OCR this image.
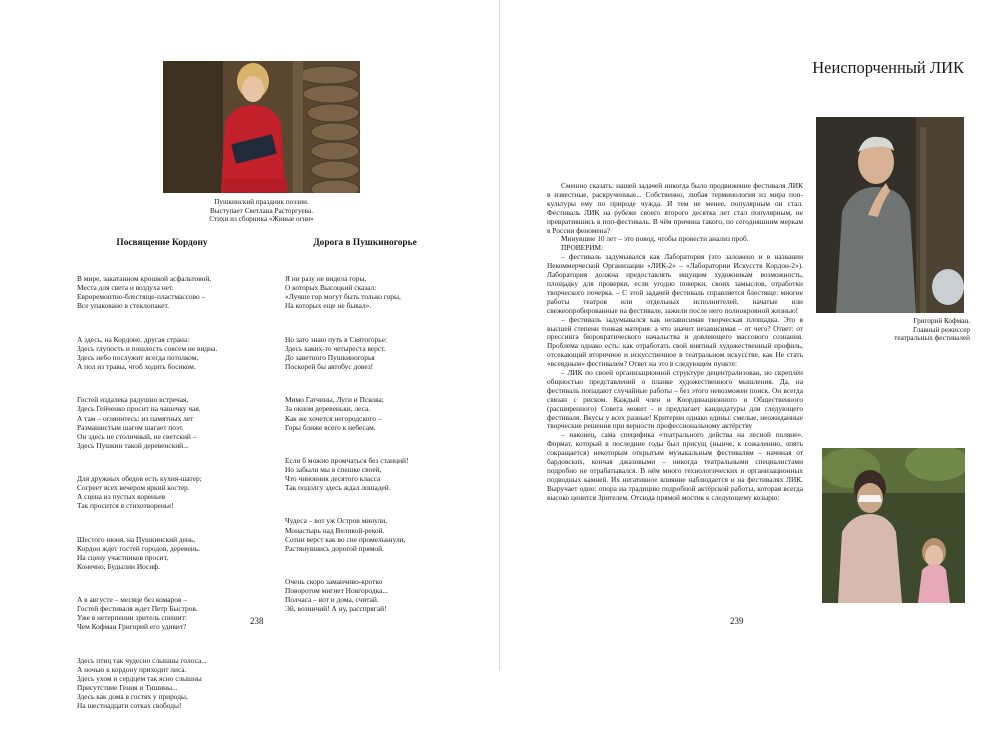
Пушкинский праздник поэзии.
Выступает Светлана Расторгуева.
Стихи из сборника «Живые огни»
Посвящение Кордону

В мире, закатанном крошкой асфальтовой,
Места для света и воздуха нет.
Евроремонтно-блестяще-пластмассово –
Все упаковано в стеклопакет.

А здесь, на Кордоне, другая страна:
Здесь глупость и пошлость совсем не видна.
Здесь небо послужит всегда потолком,
А пол из травы, чтоб ходить босиком.

Гостей издалека радушно встречая,
Здесь Гейченко просит на чашечку чая.
А там – оглянитесь: из памятных лет
Размашистым шагом шагает поэт.
Он здесь не столичный, не светский –
Здесь Пушкин такой деревенский...

Для дружных обедов есть кухня-шатер;
Согреет всех вечером яркий костер.
А сцена из пустых кореньев
Так просится в стихотворенье!

Шестого июня, на Пушкинский день,
Кордон ждет гостей городов, деревень.
На сцену участников просит,
Конечно, Будылин Иосиф.

А в августе – месяце без комаров –
Гостей фестиваля ждет Петр Быстров.
Уже в нетерпении зритель спешит:
Чем Кофман Григорий его удивит?

Здесь птиц так чудесно слышны голоса...
А ночью к кордону приходит лиса.
Здесь ухом и сердцем так ясно слышны
Присутствие Гения и Тишины...
Здесь как дома в гостях у природы,
На шестнадцати сотках свободы!

Дорога в Пушкиногорье

Я ни разу не видела горы,
О которых Высоцкий сказал:
«Лучше гор могут быть только горы,
На которых еще не бывал».

Но зато знаю путь в Святогорье:
Здесь каких-то четыреста верст.
До заветного Пушкиногорья
Поскорей бы автобус довез!

Мимо Гатчины, Луги и Пскова;
За окном деревеньки, леса.
Как же хочется негородского –
Горы ближе всего к небесам.

Если б можно промчаться без станций!
Но забыли мы в спешке своей,
Что чиновник десятого класса
Так подолгу здесь ждал лошадей.

Чудеса – вот уж Остров минули,
Монастырь над Великой-рекой.
Сотни верст как во сне промелькнули,
Растянувшись дорогой прямой.

Очень скоро заманчиво-кротко
Поворотом мигнет Новгородка...
Полчаса – вот и дома, считай.
Эй, возничий! А ну, расспрягай!

238
Неиспорченный ЛИК

Смешно сказать: нашей задачей никогда было продвижение фестиваля ЛИК в известные, раскрученные... Собственно, любая терминология из мира поп-культуры ему по природе чужда. И тем не менее, популярным он стал. Фестиваль ЛИК на рубеже своего второго десятка лет стал популярным, не превратившись в поп-фестиваль. В чём причина такого, по сегодняшним меркам в России феномена?

Минувшие 10 лет – это повод, чтобы провести анализ проб.

ПРОВЕРИМ:

– фестиваль задумывался как Лаборатория (это заложено и в названии Некоммерческой Организации «ЛИК-2» – «Лаборатории Искусств Кордон-2»). Лаборатория должна предоставлять ищущим художникам возможность, площадку для проверки, если угодно поверки, своих замыслов, отработки творческого почерка. – С этой задачей фестиваль справляется блестяще: многие работы театров или отдельных исполнителей, начатые или свежеопробированные на фестивале, зажили после него полнокровной жизнью!

– фестиваль задумывался как независимая творческая площадка. Это в высшей степени тонкая материя: а что значит независимая – от чего? Ответ: от прессинга бюрократического начальства и довлеющего массового сознания. Проблема однако есть: как отработать свой внятный художественный профиль, отсекающий вторичное и искусственное в театральном искусстве, как Не стать «всеядным» фестивалем? Ответ на это в следующем пункте:

– ЛИК по своей организационной структуре децентрализован, но скреплён общностью представлений о планке художественного мышления. Да, на фестиваль попадают случайные работы – без этого невозможен поиск. Он всегда связан с риском. Каждый член и Координационного и Общественного (расширенного) Совета может - и предлагает кандидатуры для следующего фестиваля. Вкусы у всех разные! Критерии однако едины: смелые, неожиданные творческие решения при верности профессиональному актёрству

– наконец, сама специфика «театрального действа на лесной поляне». Формат, который в последние годы был присущ (нынче, к сожалению, опять сокращается) некоторым открытым музыкальным фестивалям – начиная от бардовских, кончая джазовыми – никогда театральными специалистами подробно не отрабатывался. В нём много технологических и организационных подводных камней. Их негативное влияние наблюдается и на фестивалях ЛИК. Выручает одно: опора на традицию подробной актёрской работы, которая всегда высоко ценится Зрителем. Отсюда прямой мостик к следующему козырю:

Григорий Кофман.
Главный режиссер
театральных фестивалей
239
